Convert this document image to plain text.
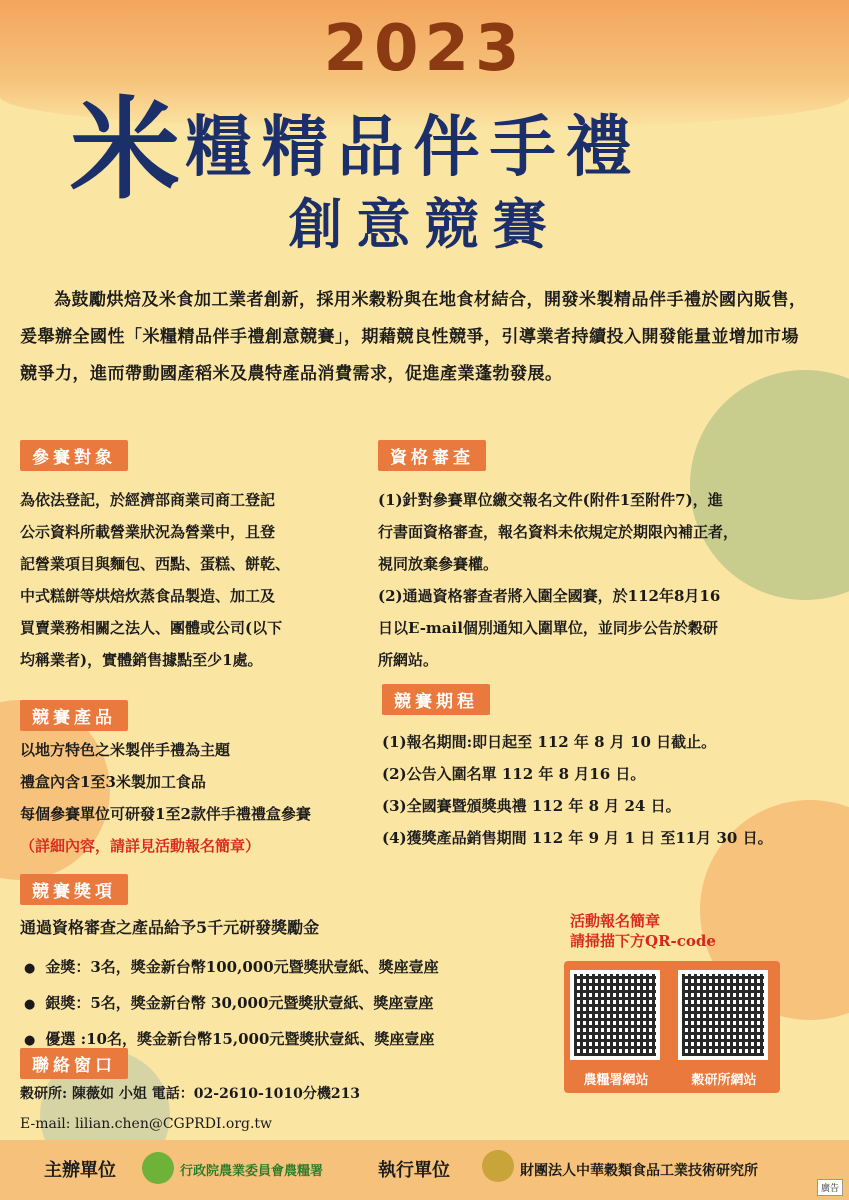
2023
米 糧精品伴手禮
創意競賽
為鼓勵烘焙及米食加工業者創新，採用米穀粉與在地食材結合，開發米製精品伴手禮於國內販售，爰舉辦全國性「米糧精品伴手禮創意競賽」，期藉競良性競爭，引導業者持續投入開發能量並增加市場競爭力，進而帶動國產稻米及農特產品消費需求，促進產業蓬勃發展。
參賽對象

為依法登記，於經濟部商業司商工登記

公示資料所載營業狀況為營業中，且登

記營業項目與麵包、西點、蛋糕、餅乾、

中式糕餅等烘焙炊蒸食品製造、加工及

買賣業務相關之法人、團體或公司(以下

均稱業者)，實體銷售據點至少1處。

資格審查

(1)針對參賽單位繳交報名文件(附件1至附件7)，進

行書面資格審查，報名資料未依規定於期限內補正者，

視同放棄參賽權。

(2)通過資格審查者將入圍全國賽，於112年8月16

日以E-mail個別通知入圍單位，並同步公告於穀研

所網站。

競賽產品

以地方特色之米製伴手禮為主題

禮盒內含1至3米製加工食品

每個參賽單位可研發1至2款伴手禮禮盒參賽

（詳細內容，請詳見活動報名簡章）

競賽期程

(1)報名期間:即日起至 112 年 8 月 10 日截止。

(2)公告入圍名單 112 年 8 月16 日。

(3)全國賽暨頒獎典禮 112 年 8 月 24 日。

(4)獲獎產品銷售期間 112 年 9 月 1 日 至11月 30 日。

競賽獎項
通過資格審查之產品給予5千元研發獎勵金
● 金獎：3名，獎金新台幣100,000元暨獎狀壹紙、獎座壹座
● 銀獎：5名，獎金新台幣 30,000元暨獎狀壹紙、獎座壹座
● 優選 :10名，獎金新台幣15,000元暨獎狀壹紙、獎座壹座
聯絡窗口
穀研所: 陳薇如 小姐 電話：02-2610-1010分機213
E-mail: lilian.chen@CGPRDI.org.tw

活動報名簡章

請掃描下方QR-code

農糧署網站	穀研所網站
主辦單位	行政院農業委員會農糧署	執行單位	財團法人中華穀類食品工業技術研究所
廣告
